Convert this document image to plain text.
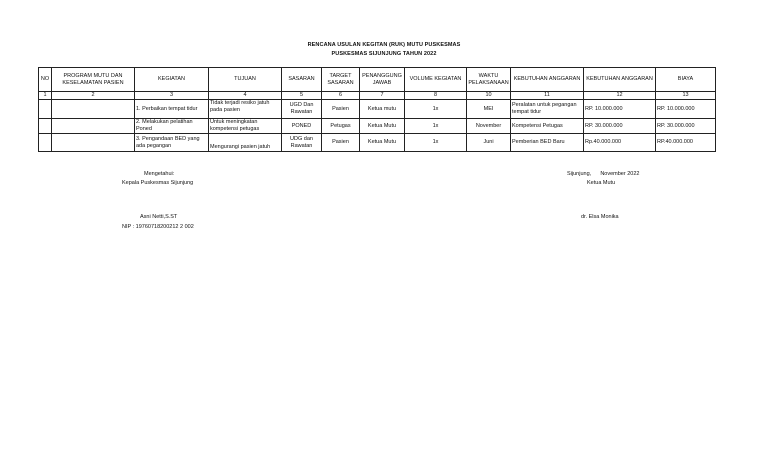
RENCANA USULAN KEGITAN (RUK) MUTU PUSKESMAS
PUSKESMAS SIJUNJUNG TAHUN 2022
NO	PROGRAM MUTU DAN KESELAMATAN PASIEN	KEGIATAN	TUJUAN	SASARAN	TARGET SASARAN	PENANGGUNG JAWAB	VOLUME KEGIATAN	WAKTU PELAKSANAAN	KEBUTUHAN ANGGARAN	KEBUTUHAN ANGGARAN	BIAYA
1	2	3	4	5	6	7	8	10	11	12	13
		1. Perbaikan tempat tidur	Tidak terjadi resiko jatuh pada pasien	UGD Dan Rawatan	Pasien	Ketua mutu	1x	MEI	Peralatan untuk pegangan tempat tidur	RP. 10.000.000	RP. 10.000.000
		2. Melakukan pelatihan Poned	Untuk meningkatan kompetensi petugas	PONED	Petugas	Ketua Mutu	1x	November	Kompetensi Petugas	RP. 30.000.000	RP. 30.000.000
		3. Pengandaan BED yang ada pegangan	Mengurangi pasien jatuh	UDG dan Rawatan	Pasien	Ketua Mutu	1x	Juni	Pemberian BED Baru	Rp.40.000.000	RP.40.000.000
Mengetahui:
Kepala Puskesmas Sijunjung
Asni Netti,S.ST
NIP : 19760718200212 2 002
Sijunjung,      November 2022
Ketua Mutu
dr. Elsa Monika
